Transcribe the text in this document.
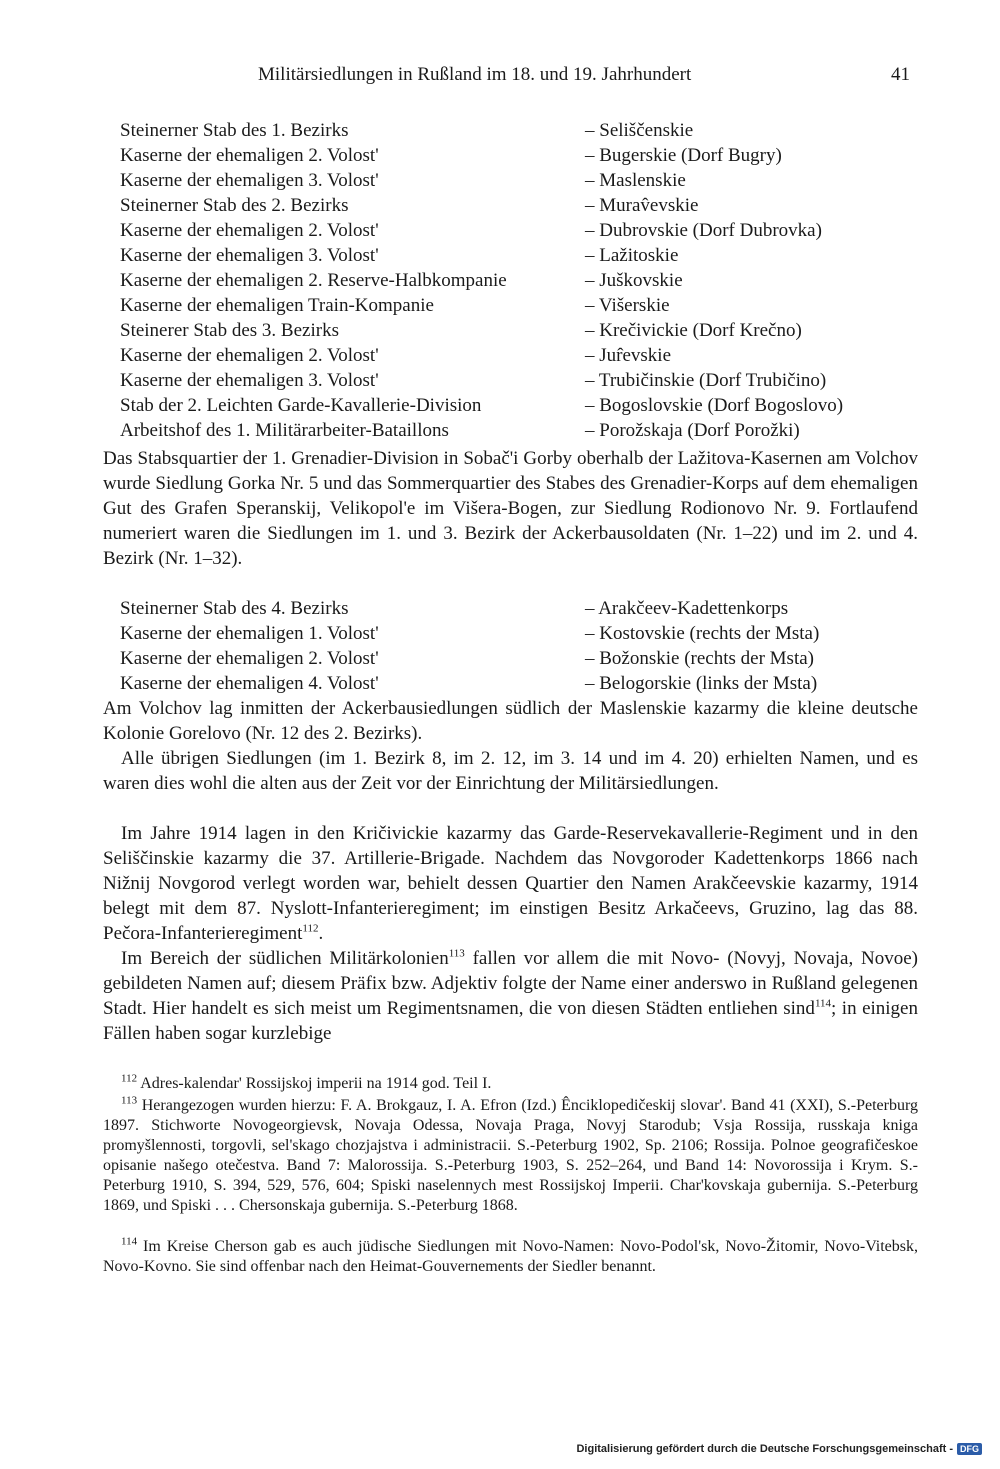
Militärsiedlungen in Rußland im 18. und 19. Jahrhundert	41
Steinerner Stab des 1. Bezirks	– Seliščenskie
Kaserne der ehemaligen 2. Volost'	– Bugerskie (Dorf Bugry)
Kaserne der ehemaligen 3. Volost'	– Maslenskie
Steinerner Stab des 2. Bezirks	– Murav̂evskie
Kaserne der ehemaligen 2. Volost'	– Dubrovskie (Dorf Dubrovka)
Kaserne der ehemaligen 3. Volost'	– Lažitoskie
Kaserne der ehemaligen 2. Reserve-Halbkompanie	– Juškovskie
Kaserne der ehemaligen Train-Kompanie	– Višerskie
Steinerer Stab des 3. Bezirks	– Krečivickie (Dorf Krečno)
Kaserne der ehemaligen 2. Volost'	– Jur̂evskie
Kaserne der ehemaligen 3. Volost'	– Trubičinskie (Dorf Trubičino)
Stab der 2. Leichten Garde-Kavallerie-Division	– Bogoslovskie (Dorf Bogoslovo)
Arbeitshof des 1. Militärarbeiter-Bataillons	– Porožskaja (Dorf Porožki)

Das Stabsquartier der 1. Grenadier-Division in Sobač'i Gorby oberhalb der Lažitova-Kasernen am Volchov wurde Siedlung Gorka Nr. 5 und das Sommerquartier des Stabes des Grenadier-Korps auf dem ehemaligen Gut des Grafen Speranskij, Velikopol'e im Višera-Bogen, zur Siedlung Rodionovo Nr. 9. Fortlaufend numeriert waren die Siedlungen im 1. und 3. Bezirk der Ackerbausoldaten (Nr. 1–22) und im 2. und 4. Bezirk (Nr. 1–32).

Steinerner Stab des 4. Bezirks	– Arakčeev-Kadettenkorps
Kaserne der ehemaligen 1. Volost'	– Kostovskie (rechts der Msta)
Kaserne der ehemaligen 2. Volost'	– Božonskie (rechts der Msta)
Kaserne der ehemaligen 4. Volost'	– Belogorskie (links der Msta)

Am Volchov lag inmitten der Ackerbausiedlungen südlich der Maslenskie kazarmy die kleine deutsche Kolonie Gorelovo (Nr. 12 des 2. Bezirks).

Alle übrigen Siedlungen (im 1. Bezirk 8, im 2. 12, im 3. 14 und im 4. 20) erhielten Namen, und es waren dies wohl die alten aus der Zeit vor der Einrichtung der Militärsiedlungen.

Im Jahre 1914 lagen in den Kričivickie kazarmy das Garde-Reservekavallerie-Regiment und in den Seliščinskie kazarmy die 37. Artillerie-Brigade. Nachdem das Novgoroder Kadettenkorps 1866 nach Nižnij Novgorod verlegt worden war, behielt dessen Quartier den Namen Arakčeevskie kazarmy, 1914 belegt mit dem 87. Nyslott-Infanterieregiment; im einstigen Besitz Arkačeevs, Gruzino, lag das 88. Pečora-Infanterieregiment$^{112}$.

Im Bereich der südlichen Militärkolonien$^{113}$ fallen vor allem die mit Novo- (Novyj, Novaja, Novoe) gebildeten Namen auf; diesem Präfix bzw. Adjektiv folgte der Name einer anderswo in Rußland gelegenen Stadt. Hier handelt es sich meist um Regimentsnamen, die von diesen Städten entliehen sind$^{114}$; in einigen Fällen haben sogar kurzlebige

$^{112}$ Adres-kalendar' Rossijskoj imperii na 1914 god. Teil I.

$^{113}$ Herangezogen wurden hierzu: F. A. Brokgauz, I. A. Efron (Izd.) Ênciklopedičeskij slovar'. Band 41 (XXI), S.-Peterburg 1897. Stichworte Novogeorgievsk, Novaja Odessa, Novaja Praga, Novyj Starodub; Vsja Rossija, russkaja kniga promyšlennosti, torgovli, sel'skago chozjajstva i administracii. S.-Peterburg 1902, Sp. 2106; Rossija. Polnoe geografičeskoe opisanie našego otečestva. Band 7: Malorossija. S.-Peterburg 1903, S. 252–264, und Band 14: Novorossija i Krym. S.-Peterburg 1910, S. 394, 529, 576, 604; Spiski naselennych mest Rossijskoj Imperii. Char'kovskaja gubernija. S.-Peterburg 1869, und Spiski . . . Chersonskaja gubernija. S.-Peterburg 1868.

$^{114}$ Im Kreise Cherson gab es auch jüdische Siedlungen mit Novo-Namen: Novo-Podol'sk, Novo-Žitomir, Novo-Vitebsk, Novo-Kovno. Sie sind offenbar nach den Heimat-Gouvernements der Siedler benannt.

Digitalisierung gefördert durch die Deutsche Forschungsgemeinschaft - DFG
